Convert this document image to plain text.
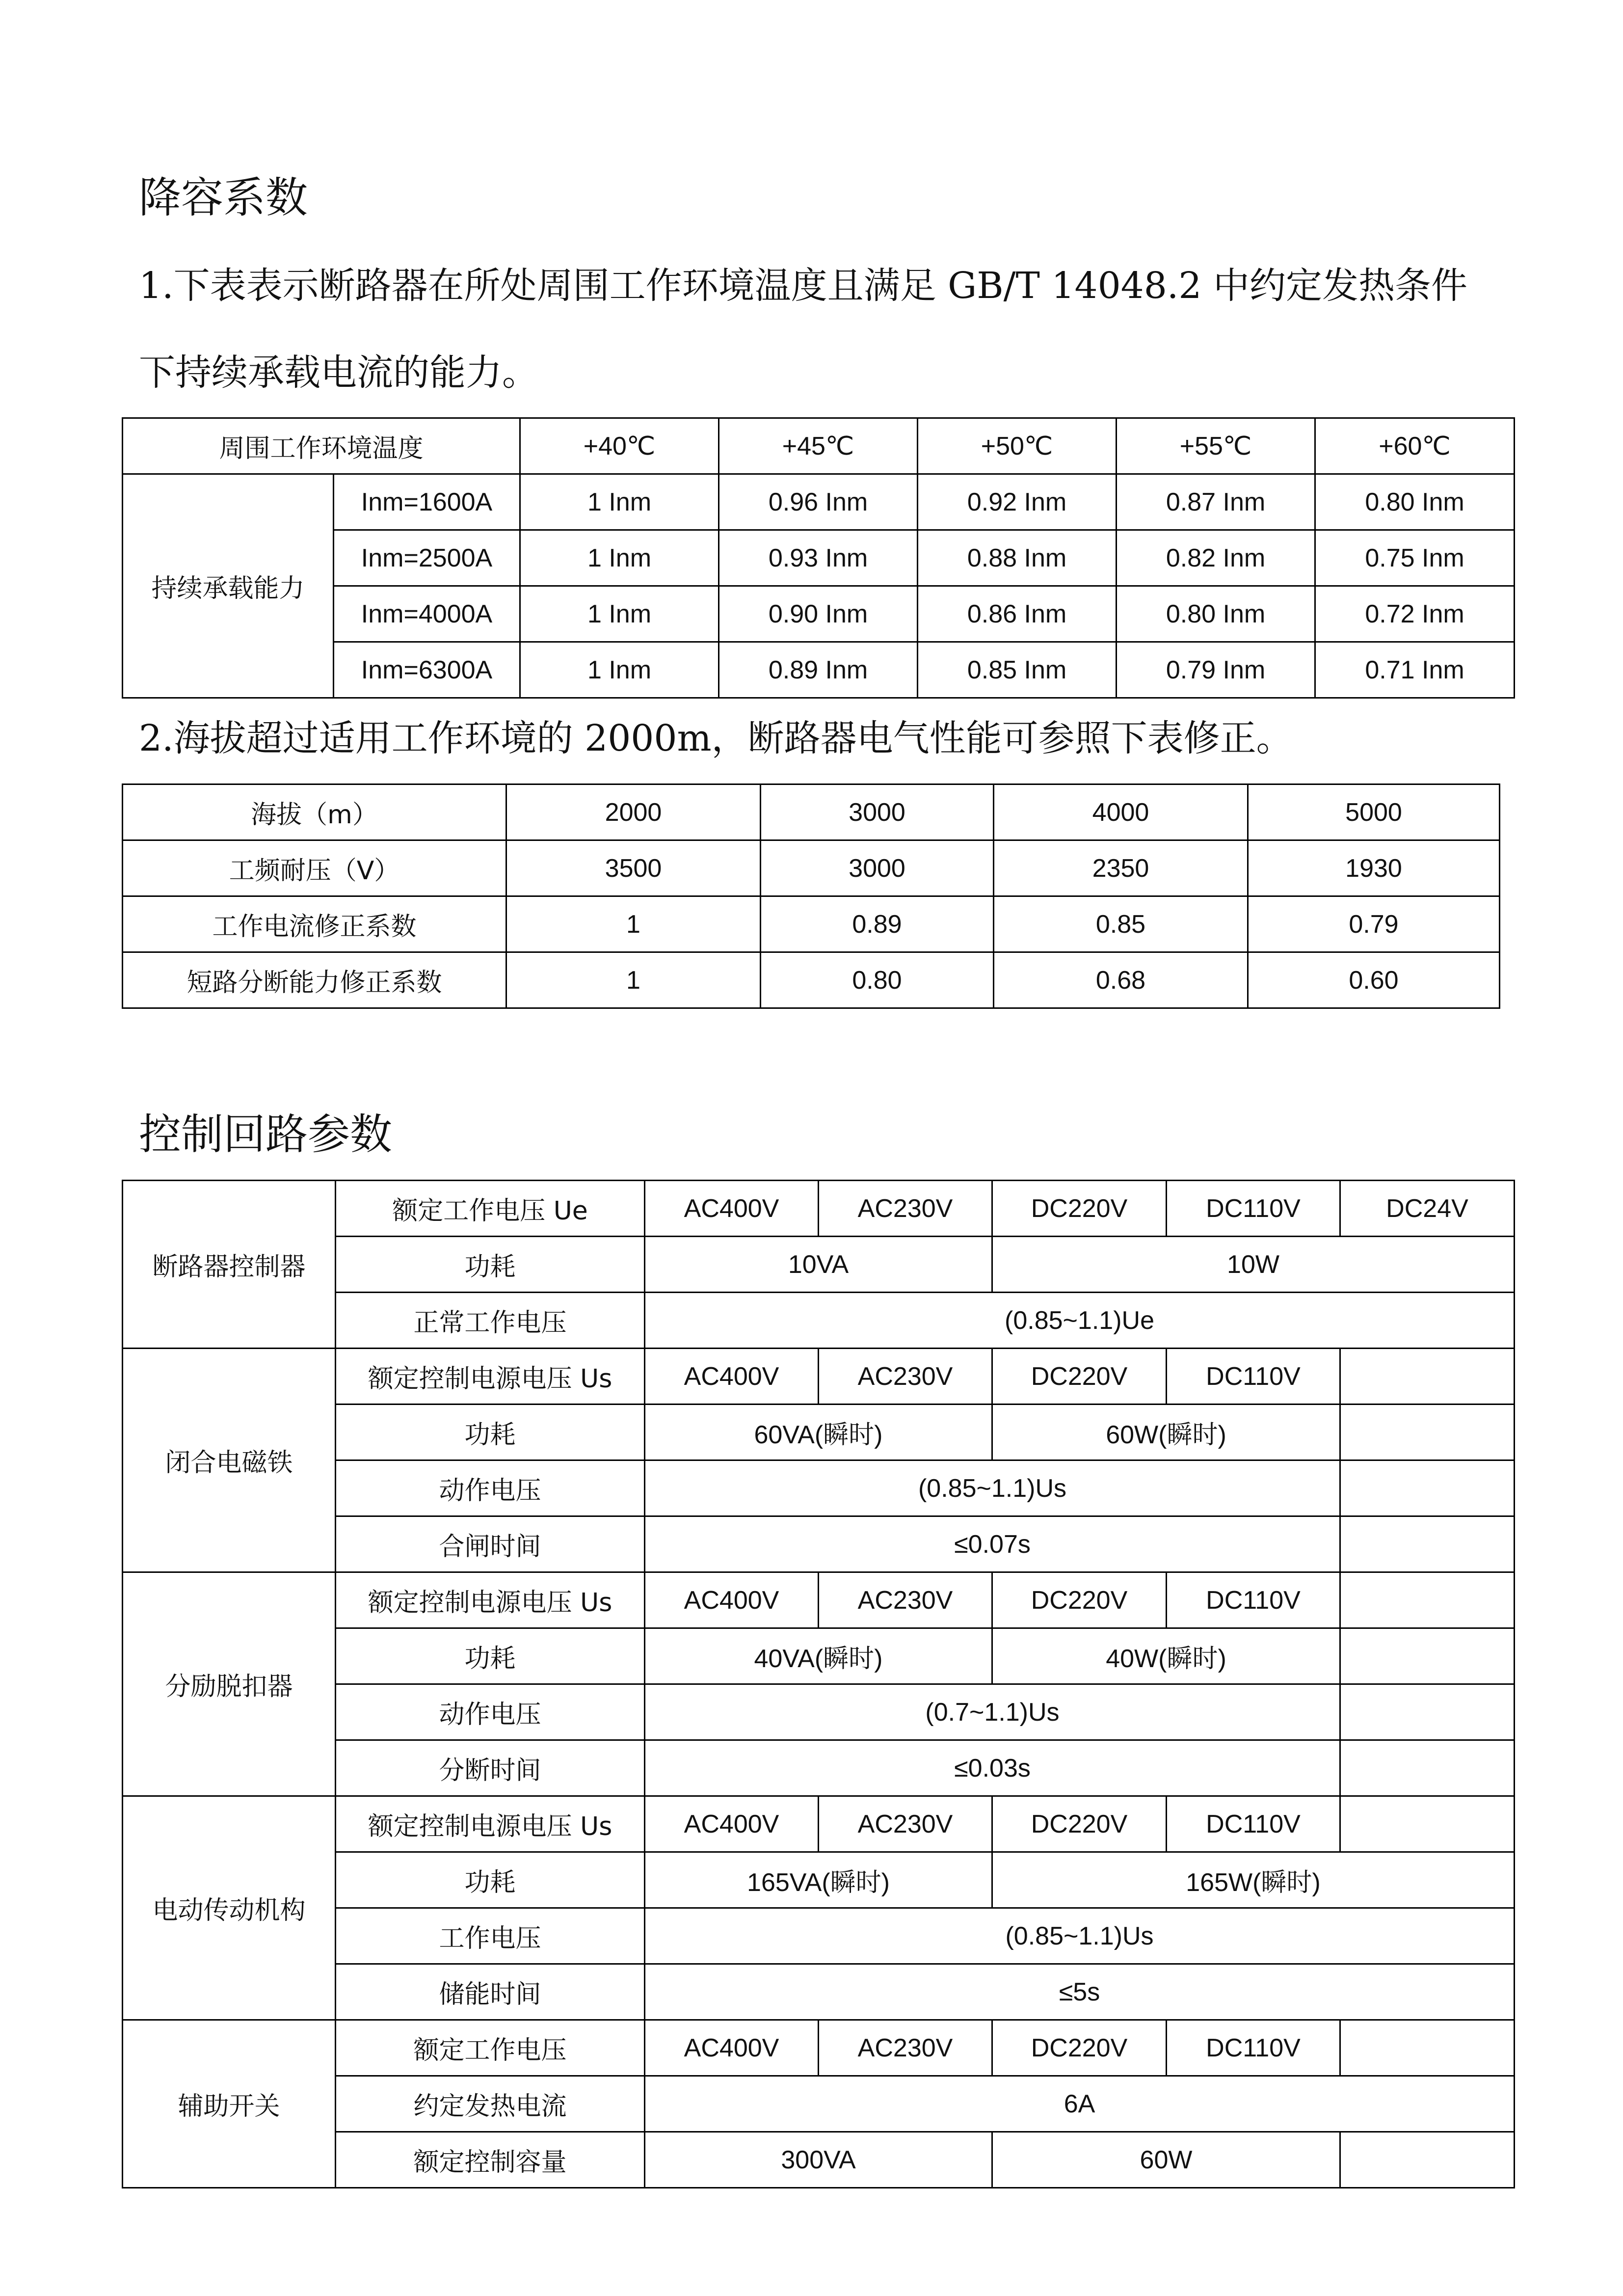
降容系数
1.下表表示断路器在所处周围工作环境温度且满足 GB/T 14048.2 中约定发热条件
下持续承载电流的能力。
周围工作环境温度		+40℃	+45℃	+50℃	+55℃	+60℃
持续承载能力	Inm=1600A	1 Inm	0.96 Inm	0.92 Inm	0.87 Inm	0.80 Inm
	Inm=2500A	1 Inm	0.93 Inm	0.88 Inm	0.82 Inm	0.75 Inm
	Inm=4000A	1 Inm	0.90 Inm	0.86 Inm	0.80 Inm	0.72 Inm
	Inm=6300A	1 Inm	0.89 Inm	0.85 Inm	0.79 Inm	0.71 Inm
2.海拔超过适用工作环境的 2000m，断路器电气性能可参照下表修正。
海拔（m）	2000	3000	4000	5000
工频耐压（V）	3500	3000	2350	1930
工作电流修正系数	1	0.89	0.85	0.79
短路分断能力修正系数	1	0.80	0.68	0.60
控制回路参数
断路器控制器	额定工作电压 Ue	AC400V	AC230V	DC220V	DC110V	DC24V
	功耗	10VA		10W		
	正常工作电压	(0.85~1.1)Ue				
闭合电磁铁	额定控制电源电压 Us	AC400V	AC230V	DC220V	DC110V	
	功耗	60VA(瞬时)		60W(瞬时)		
	动作电压	(0.85~1.1)Us				
	合闸时间	≤0.07s				
分励脱扣器	额定控制电源电压 Us	AC400V	AC230V	DC220V	DC110V	
	功耗	40VA(瞬时)		40W(瞬时)		
	动作电压	(0.7~1.1)Us				
	分断时间	≤0.03s				
电动传动机构	额定控制电源电压 Us	AC400V	AC230V	DC220V	DC110V	
	功耗	165VA(瞬时)		165W(瞬时)		
	工作电压	(0.85~1.1)Us				
	储能时间	≤5s				
辅助开关	额定工作电压	AC400V	AC230V	DC220V	DC110V	
	约定发热电流	6A				
	额定控制容量	300VA		60W		
